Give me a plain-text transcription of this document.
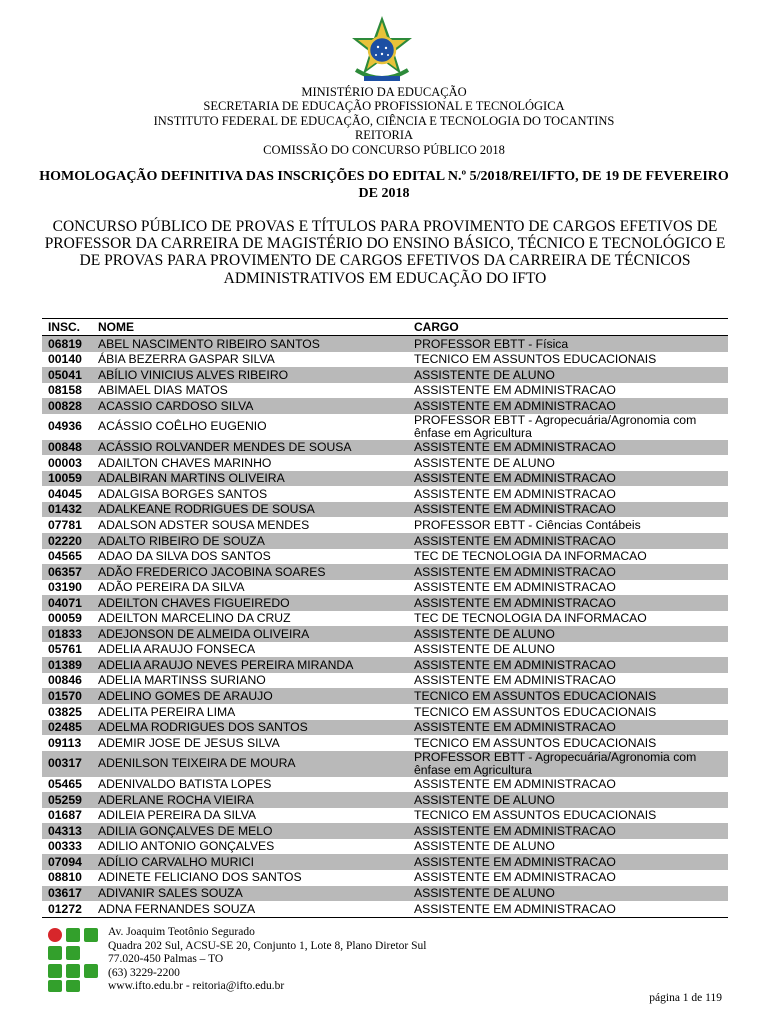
MINISTÉRIO DA EDUCAÇÃO
SECRETARIA DE EDUCAÇÃO PROFISSIONAL E TECNOLÓGICA
INSTITUTO FEDERAL DE EDUCAÇÃO, CIÊNCIA E TECNOLOGIA DO TOCANTINS
REITORIA
COMISSÃO DO CONCURSO PÚBLICO 2018
HOMOLOGAÇÃO DEFINITIVA DAS INSCRIÇÕES DO EDITAL N.º 5/2018/REI/IFTO, DE 19 DE FEVEREIRO DE 2018
CONCURSO PÚBLICO DE PROVAS E TÍTULOS PARA PROVIMENTO DE CARGOS EFETIVOS DE PROFESSOR DA CARREIRA DE MAGISTÉRIO DO ENSINO BÁSICO, TÉCNICO E TECNOLÓGICO E DE PROVAS PARA PROVIMENTO DE CARGOS EFETIVOS DA CARREIRA DE TÉCNICOS ADMINISTRATIVOS EM EDUCAÇÃO DO IFTO
INSC.	NOME	CARGO
06819	ABEL NASCIMENTO RIBEIRO SANTOS	PROFESSOR EBTT - Física
00140	ÁBIA BEZERRA GASPAR SILVA	TECNICO EM ASSUNTOS EDUCACIONAIS
05041	ABÍLIO VINICIUS ALVES RIBEIRO	ASSISTENTE DE ALUNO
08158	ABIMAEL DIAS MATOS	ASSISTENTE EM ADMINISTRACAO
00828	ACASSIO CARDOSO SILVA	ASSISTENTE EM ADMINISTRACAO
04936	ACÁSSIO COÊLHO EUGENIO	PROFESSOR EBTT - Agropecuária/Agronomia com ênfase em Agricultura
00848	ACÁSSIO ROLVANDER MENDES DE SOUSA	ASSISTENTE EM ADMINISTRACAO
00003	ADAILTON CHAVES MARINHO	ASSISTENTE DE ALUNO
10059	ADALBIRAN MARTINS OLIVEIRA	ASSISTENTE EM ADMINISTRACAO
04045	ADALGISA BORGES SANTOS	ASSISTENTE EM ADMINISTRACAO
01432	ADALKEANE RODRIGUES DE SOUSA	ASSISTENTE EM ADMINISTRACAO
07781	ADALSON ADSTER SOUSA MENDES	PROFESSOR EBTT - Ciências Contábeis
02220	ADALTO RIBEIRO DE SOUZA	ASSISTENTE EM ADMINISTRACAO
04565	ADAO DA SILVA DOS SANTOS	TEC DE TECNOLOGIA DA INFORMACAO
06357	ADÃO FREDERICO JACOBINA SOARES	ASSISTENTE EM ADMINISTRACAO
03190	ADÃO PEREIRA DA SILVA	ASSISTENTE EM ADMINISTRACAO
04071	ADEILTON CHAVES FIGUEIREDO	ASSISTENTE EM ADMINISTRACAO
00059	ADEILTON MARCELINO DA CRUZ	TEC DE TECNOLOGIA DA INFORMACAO
01833	ADEJONSON DE ALMEIDA OLIVEIRA	ASSISTENTE DE ALUNO
05761	ADELIA ARAUJO FONSECA	ASSISTENTE DE ALUNO
01389	ADELIA ARAUJO NEVES PEREIRA MIRANDA	ASSISTENTE EM ADMINISTRACAO
00846	ADELIA MARTINSS SURIANO	ASSISTENTE EM ADMINISTRACAO
01570	ADELINO GOMES DE ARAUJO	TECNICO EM ASSUNTOS EDUCACIONAIS
03825	ADELITA PEREIRA LIMA	TECNICO EM ASSUNTOS EDUCACIONAIS
02485	ADELMA RODRIGUES DOS SANTOS	ASSISTENTE EM ADMINISTRACAO
09113	ADEMIR JOSE DE JESUS SILVA	TECNICO EM ASSUNTOS EDUCACIONAIS
00317	ADENILSON TEIXEIRA DE MOURA	PROFESSOR EBTT - Agropecuária/Agronomia com ênfase em Agricultura
05465	ADENIVALDO BATISTA LOPES	ASSISTENTE EM ADMINISTRACAO
05259	ADERLANE ROCHA VIEIRA	ASSISTENTE DE ALUNO
01687	ADILEIA PEREIRA DA SILVA	TECNICO EM ASSUNTOS EDUCACIONAIS
04313	ADILIA GONÇALVES DE MELO	ASSISTENTE EM ADMINISTRACAO
00333	ADILIO ANTONIO GONÇALVES	ASSISTENTE DE ALUNO
07094	ADÍLIO CARVALHO MURICI	ASSISTENTE EM ADMINISTRACAO
08810	ADINETE FELICIANO DOS SANTOS	ASSISTENTE EM ADMINISTRACAO
03617	ADIVANIR SALES SOUZA	ASSISTENTE DE ALUNO
01272	ADNA FERNANDES SOUZA	ASSISTENTE EM ADMINISTRACAO
Av. Joaquim Teotônio Segurado
Quadra 202 Sul, ACSU-SE 20, Conjunto 1, Lote 8, Plano Diretor Sul
77.020-450 Palmas – TO
(63) 3229-2200
www.ifto.edu.br - reitoria@ifto.edu.br
página 1 de 119
